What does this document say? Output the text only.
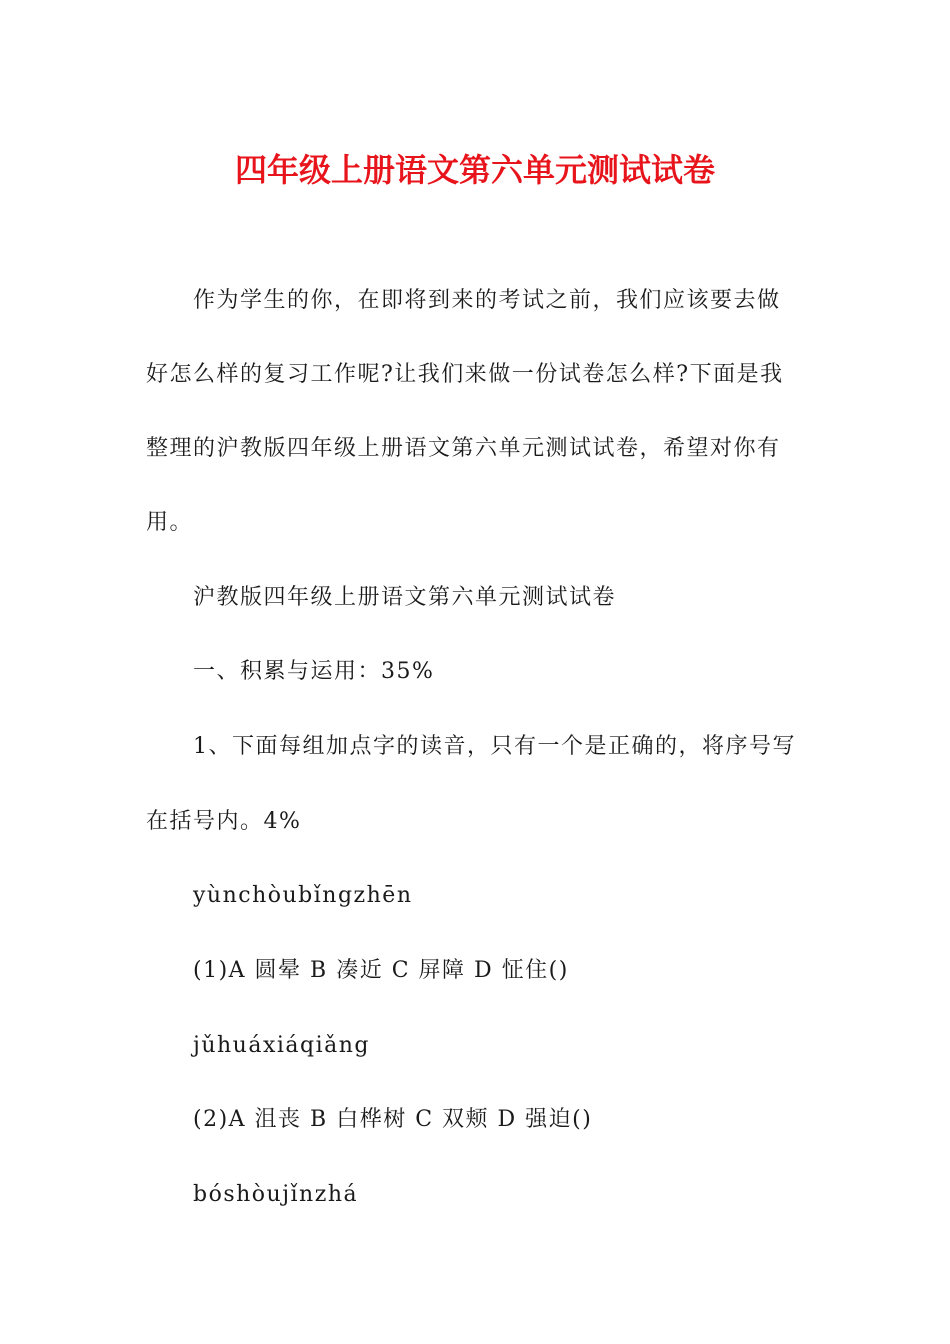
四年级上册语文第六单元测试试卷
作为学生的你，在即将到来的考试之前，我们应该要去做
好怎么样的复习工作呢?让我们来做一份试卷怎么样?下面是我
整理的沪教版四年级上册语文第六单元测试试卷，希望对你有
用。
沪教版四年级上册语文第六单元测试试卷
一、积累与运用：35%
1、下面每组加点字的读音，只有一个是正确的，将序号写
在括号内。4%
yùnchòubǐngzhēn
(1)A 圆晕 B 凑近 C 屏障 D 怔住()
jǔhuáxiáqiǎng
(2)A 沮丧 B 白桦树 C 双颊 D 强迫()
bóshòujǐnzhá
